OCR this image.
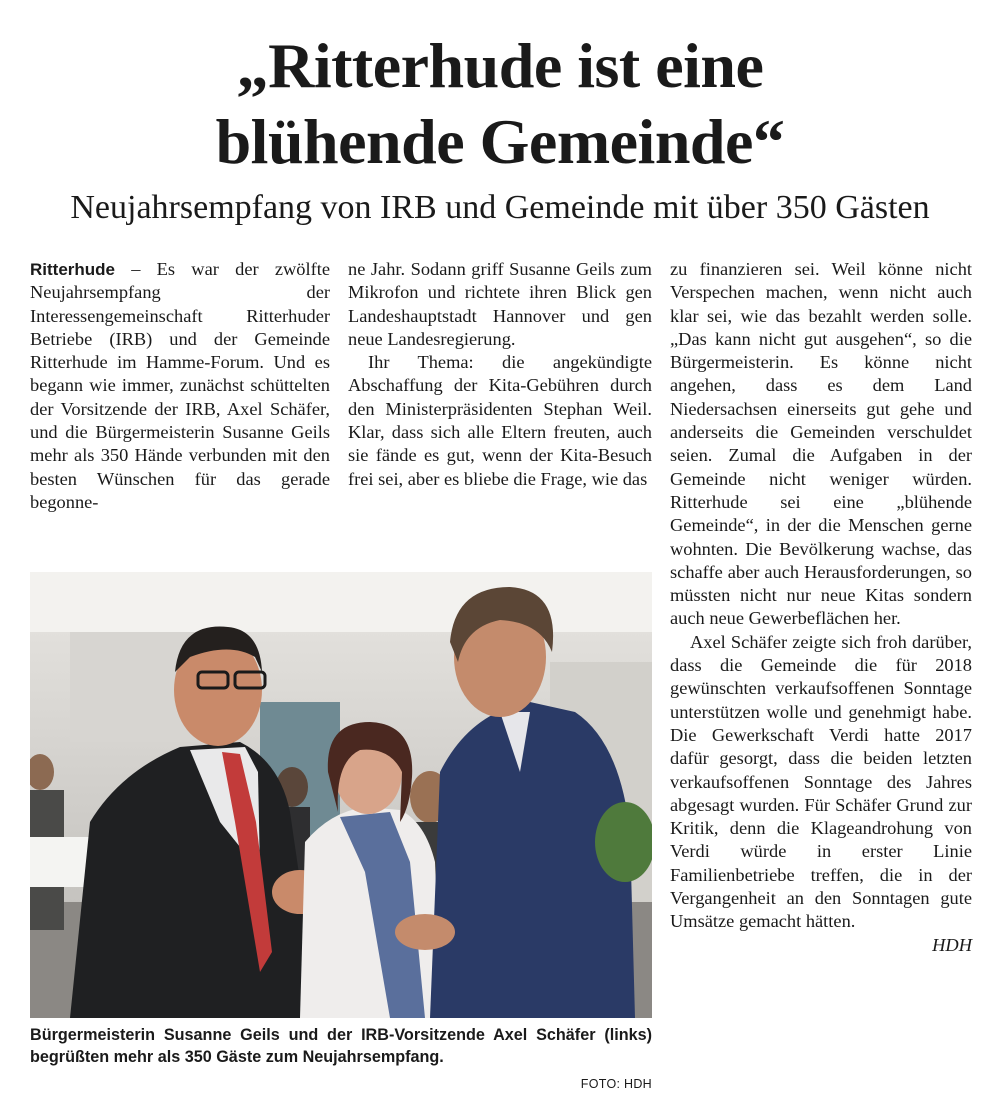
„Ritterhude ist eine
blühende Gemeinde“
Neujahrsempfang von IRB und Gemeinde mit über 350 Gästen

Ritterhude – Es war der zwölfte Neujahrsempfang der Interessengemeinschaft Ritterhuder Betriebe (IRB) und der Gemeinde Ritterhude im Hamme-Forum. Und es begann wie immer, zunächst schüttelten der Vorsitzende der IRB, Axel Schäfer, und die Bürgermeisterin Susanne Geils mehr als 350 Hände verbunden mit den besten Wünschen für das gerade begonne-

ne Jahr. Sodann griff Susanne Geils zum Mikrofon und richtete ihren Blick gen Landeshauptstadt Hannover und gen neue Landesregierung.

Ihr Thema: die angekündigte Abschaffung der Kita-Gebühren durch den Ministerpräsidenten Stephan Weil. Klar, dass sich alle Eltern freuten, auch sie fände es gut, wenn der Kita-Besuch frei sei, aber es bliebe die Frage, wie das

zu finanzieren sei. Weil könne nicht Verspechen machen, wenn nicht auch klar sei, wie das bezahlt werden solle. „Das kann nicht gut ausgehen“, so die Bürgermeisterin. Es könne nicht angehen, dass es dem Land Niedersachsen einerseits gut gehe und anderseits die Gemeinden verschuldet seien. Zumal die Aufgaben in der Gemeinde nicht weniger würden. Ritterhude sei eine „blühende Gemeinde“, in der die Menschen gerne wohnten. Die Bevölkerung wachse, das schaffe aber auch Herausforderungen, so müssten nicht nur neue Kitas sondern auch neue Gewerbeflächen her.

Axel Schäfer zeigte sich froh darüber, dass die Gemeinde die für 2018 gewünschten verkaufsoffenen Sonntage unterstützen wolle und genehmigt habe. Die Gewerkschaft Verdi hatte 2017 dafür gesorgt, dass die beiden letzten verkaufsoffenen Sonntage des Jahres abgesagt wurden. Für Schäfer Grund zur Kritik, denn die Klageandrohung von Verdi würde in erster Linie Familienbetriebe treffen, die in der Vergangenheit an den Sonntagen gute Umsätze gemacht hätten.

HDH

Bürgermeisterin Susanne Geils und der IRB-Vorsitzende Axel Schäfer (links) begrüßten mehr als 350 Gäste zum Neujahrsempfang.

FOTO: HDH
